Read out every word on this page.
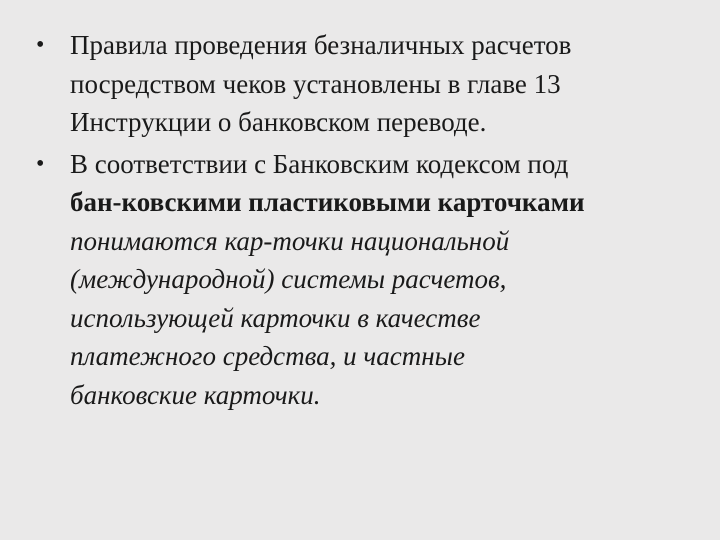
• Правила проведения безналичных расчетов
посредством чеков установлены в главе 13
Инструкции о банковском переводе.
• В соответствии с Банковским кодексом под
бан-ковскими пластиковыми карточками
понимаются кар-точки национальной
(международной) системы расчетов,
использующей карточки в качестве
платежного средства, и частные
банковские карточки.
